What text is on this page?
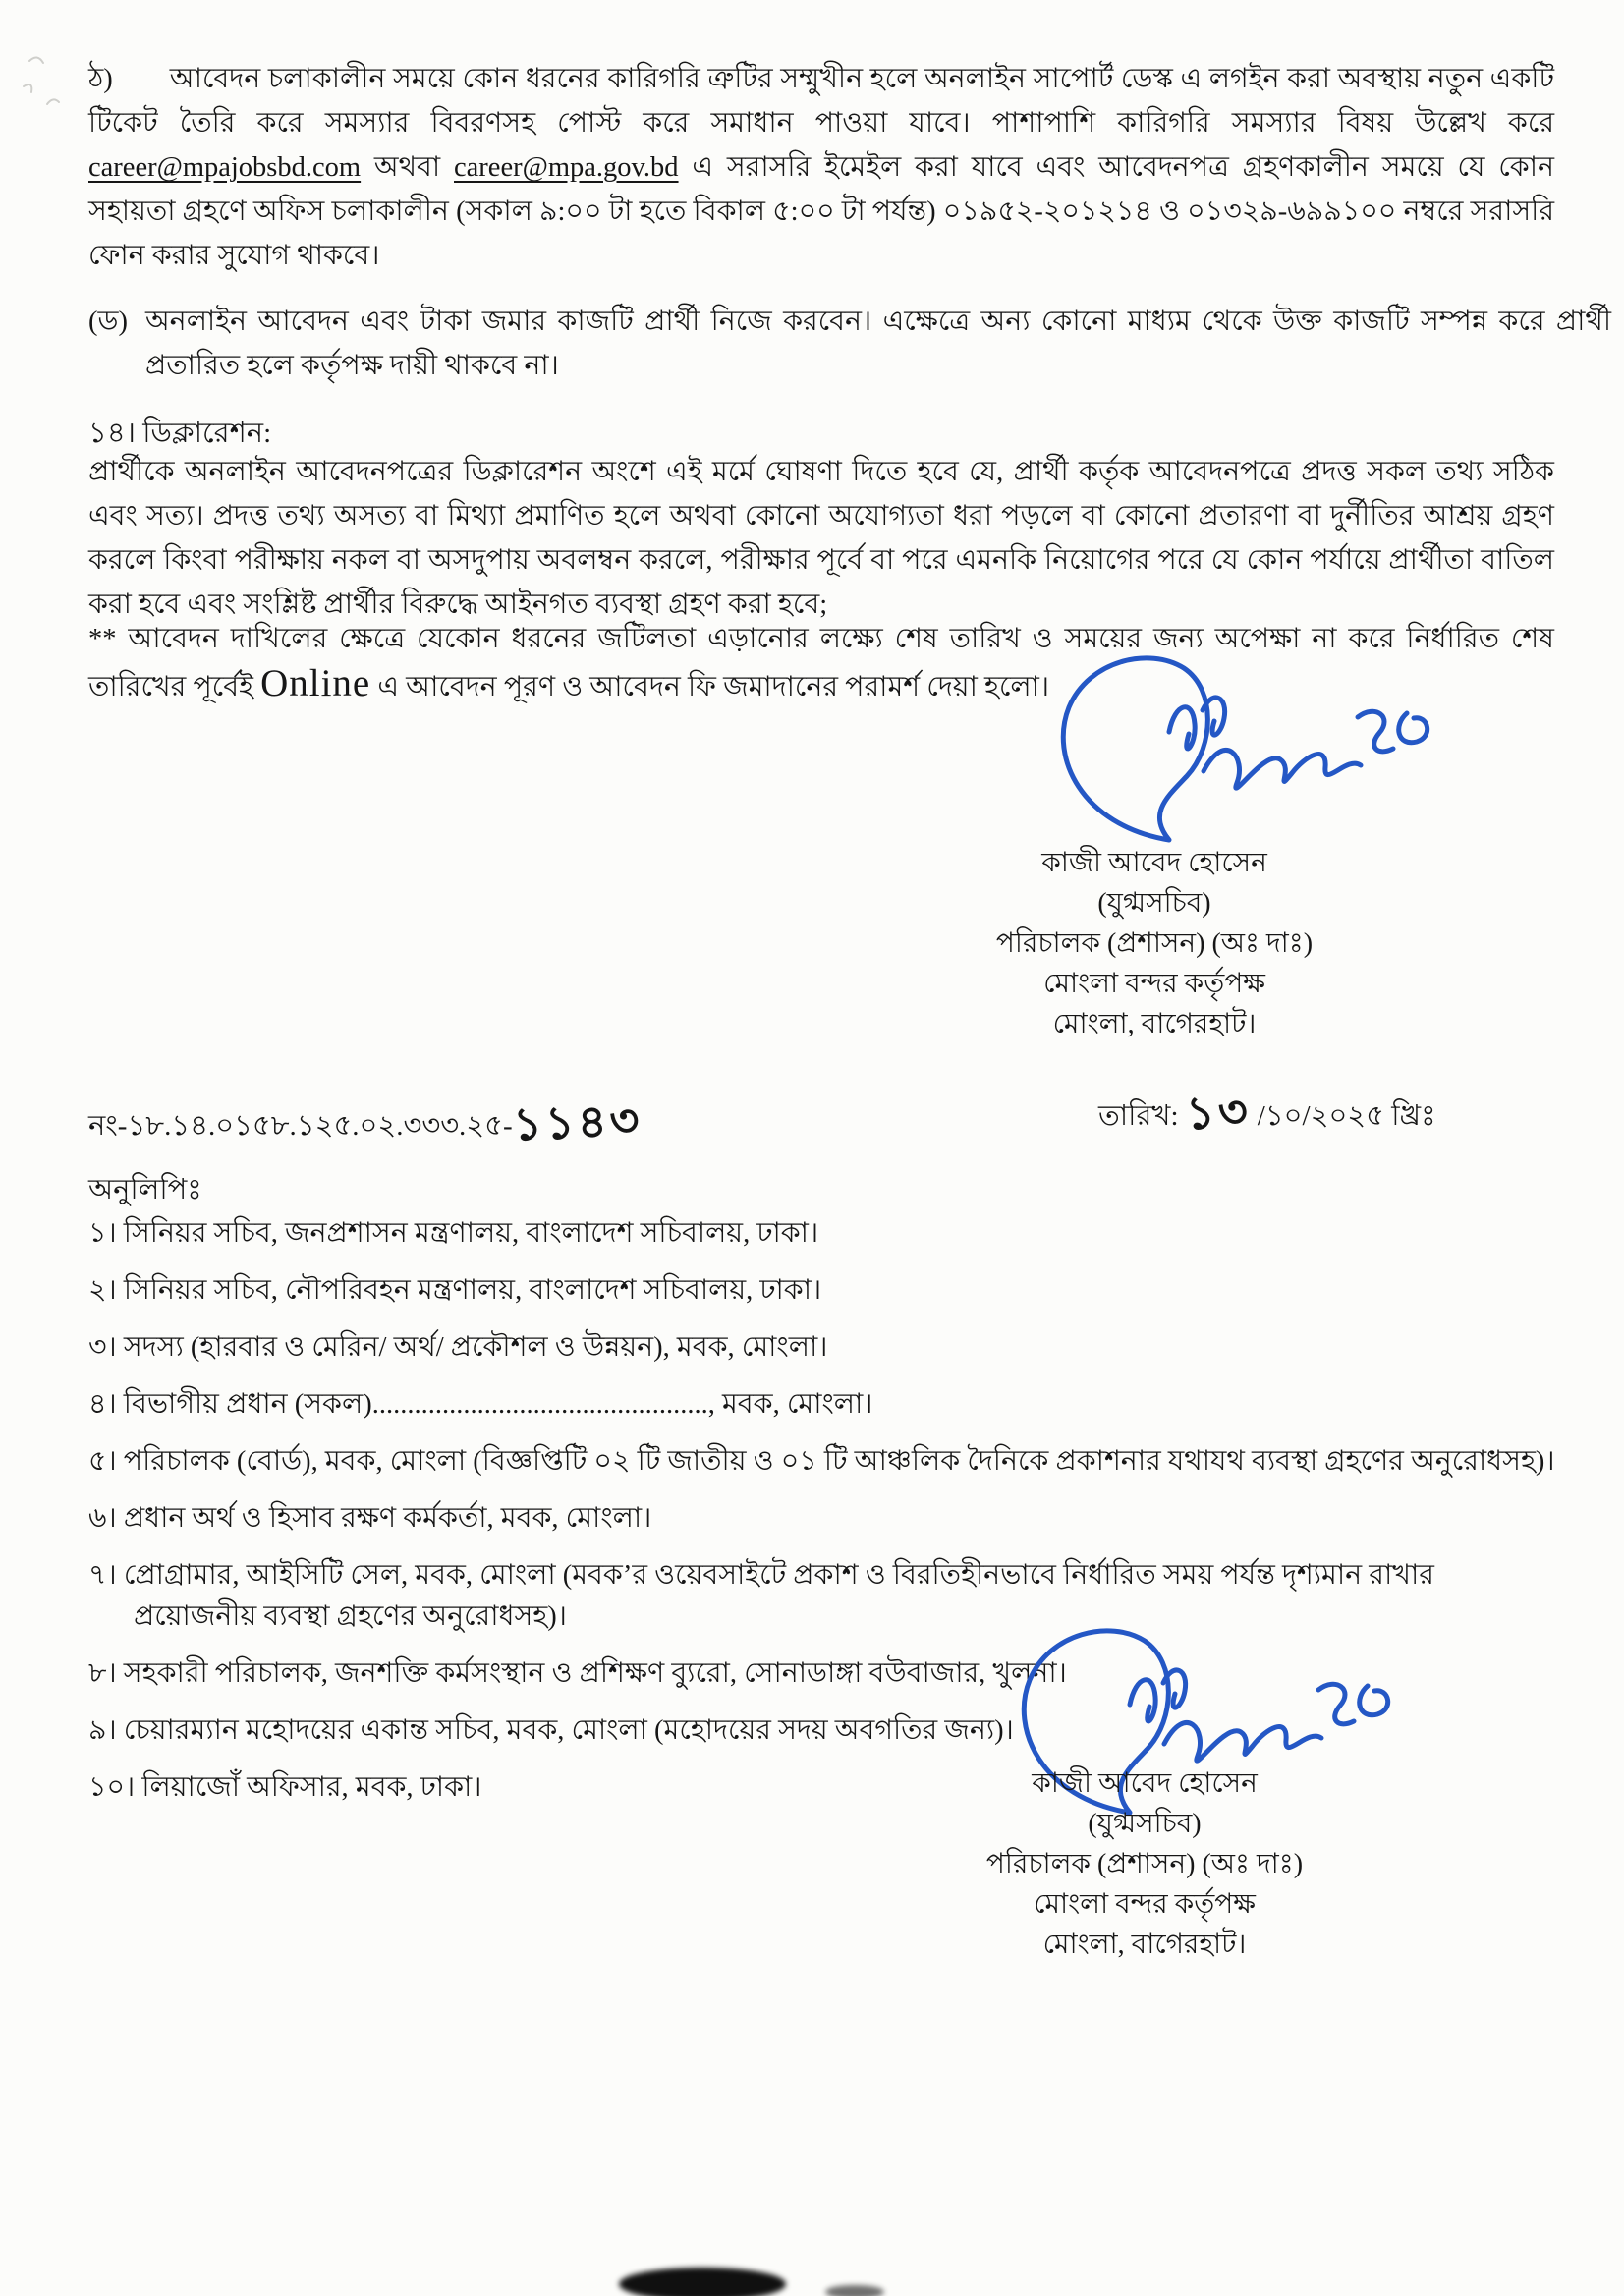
ঠ) আবেদন চলাকালীন সময়ে কোন ধরনের কারিগরি ত্রুটির সম্মুখীন হলে অনলাইন সাপোর্ট ডেস্ক এ লগইন করা অবস্থায় নতুন একটি টিকেট তৈরি করে সমস্যার বিবরণসহ পোস্ট করে সমাধান পাওয়া যাবে। পাশাপাশি কারিগরি সমস্যার বিষয় উল্লেখ করে career@mpajobsbd.com অথবা career@mpa.gov.bd এ সরাসরি ইমেইল করা যাবে এবং আবেদনপত্র গ্রহণকালীন সময়ে যে কোন সহায়তা গ্রহণে অফিস চলাকালীন (সকাল ৯:০০ টা হতে বিকাল ৫:০০ টা পর্যন্ত) ০১৯৫২-২০১২১৪ ও ০১৩২৯-৬৯৯১০০ নম্বরে সরাসরি ফোন করার সুযোগ থাকবে।
(ড) অনলাইন আবেদন এবং টাকা জমার কাজটি প্রার্থী নিজে করবেন। এক্ষেত্রে অন্য কোনো মাধ্যম থেকে উক্ত কাজটি সম্পন্ন করে প্রার্থী প্রতারিত হলে কর্তৃপক্ষ দায়ী থাকবে না।
১৪। ডিক্লারেশন:
প্রার্থীকে অনলাইন আবেদনপত্রের ডিক্লারেশন অংশে এই মর্মে ঘোষণা দিতে হবে যে, প্রার্থী কর্তৃক আবেদনপত্রে প্রদত্ত সকল তথ্য সঠিক এবং সত্য। প্রদত্ত তথ্য অসত্য বা মিথ্যা প্রমাণিত হলে অথবা কোনো অযোগ্যতা ধরা পড়লে বা কোনো প্রতারণা বা দুর্নীতির আশ্রয় গ্রহণ করলে কিংবা পরীক্ষায় নকল বা অসদুপায় অবলম্বন করলে, পরীক্ষার পূর্বে বা পরে এমনকি নিয়োগের পরে যে কোন পর্যায়ে প্রার্থীতা বাতিল করা হবে এবং সংশ্লিষ্ট প্রার্থীর বিরুদ্ধে আইনগত ব্যবস্থা গ্রহণ করা হবে;
** আবেদন দাখিলের ক্ষেত্রে যেকোন ধরনের জটিলতা এড়ানোর লক্ষ্যে শেষ তারিখ ও সময়ের জন্য অপেক্ষা না করে নির্ধারিত শেষ তারিখের পূর্বেই Online এ আবেদন পূরণ ও আবেদন ফি জমাদানের পরামর্শ দেয়া হলো।
কাজী আবেদ হোসেন
(যুগ্মসচিব)
পরিচালক (প্রশাসন) (অঃ দাঃ)
মোংলা বন্দর কর্তৃপক্ষ
মোংলা, বাগেরহাট।
নং-১৮.১৪.০১৫৮.১২৫.০২.৩৩৩.২৫-১১৪৩	তারিখ: ১৩ /১০/২০২৫ খ্রিঃ
অনুলিপিঃ
১। সিনিয়র সচিব, জনপ্রশাসন মন্ত্রণালয়, বাংলাদেশ সচিবালয়, ঢাকা।
২। সিনিয়র সচিব, নৌপরিবহন মন্ত্রণালয়, বাংলাদেশ সচিবালয়, ঢাকা।
৩। সদস্য (হারবার ও মেরিন/ অর্থ/ প্রকৌশল ও উন্নয়ন), মবক, মোংলা।
৪। বিভাগীয় প্রধান (সকল)................................................, মবক, মোংলা।
৫। পরিচালক (বোর্ড), মবক, মোংলা (বিজ্ঞপ্তিটি ০২ টি জাতীয় ও ০১ টি আঞ্চলিক দৈনিকে প্রকাশনার যথাযথ ব্যবস্থা গ্রহণের অনুরোধসহ)।
৬। প্রধান অর্থ ও হিসাব রক্ষণ কর্মকর্তা, মবক, মোংলা।
৭। প্রোগ্রামার, আইসিটি সেল, মবক, মোংলা (মবক’র ওয়েবসাইটে প্রকাশ ও বিরতিহীনভাবে নির্ধারিত সময় পর্যন্ত দৃশ্যমান রাখার প্রয়োজনীয় ব্যবস্থা গ্রহণের অনুরোধসহ)।
৮। সহকারী পরিচালক, জনশক্তি কর্মসংস্থান ও প্রশিক্ষণ ব্যুরো, সোনাডাঙ্গা বউবাজার, খুলনা।
৯। চেয়ারম্যান মহোদয়ের একান্ত সচিব, মবক, মোংলা (মহোদয়ের সদয় অবগতির জন্য)।
১০। লিয়াজোঁ অফিসার, মবক, ঢাকা।	কাজী আবেদ হোসেন
(যুগ্মসচিব)
পরিচালক (প্রশাসন) (অঃ দাঃ)
মোংলা বন্দর কর্তৃপক্ষ
মোংলা, বাগেরহাট।
